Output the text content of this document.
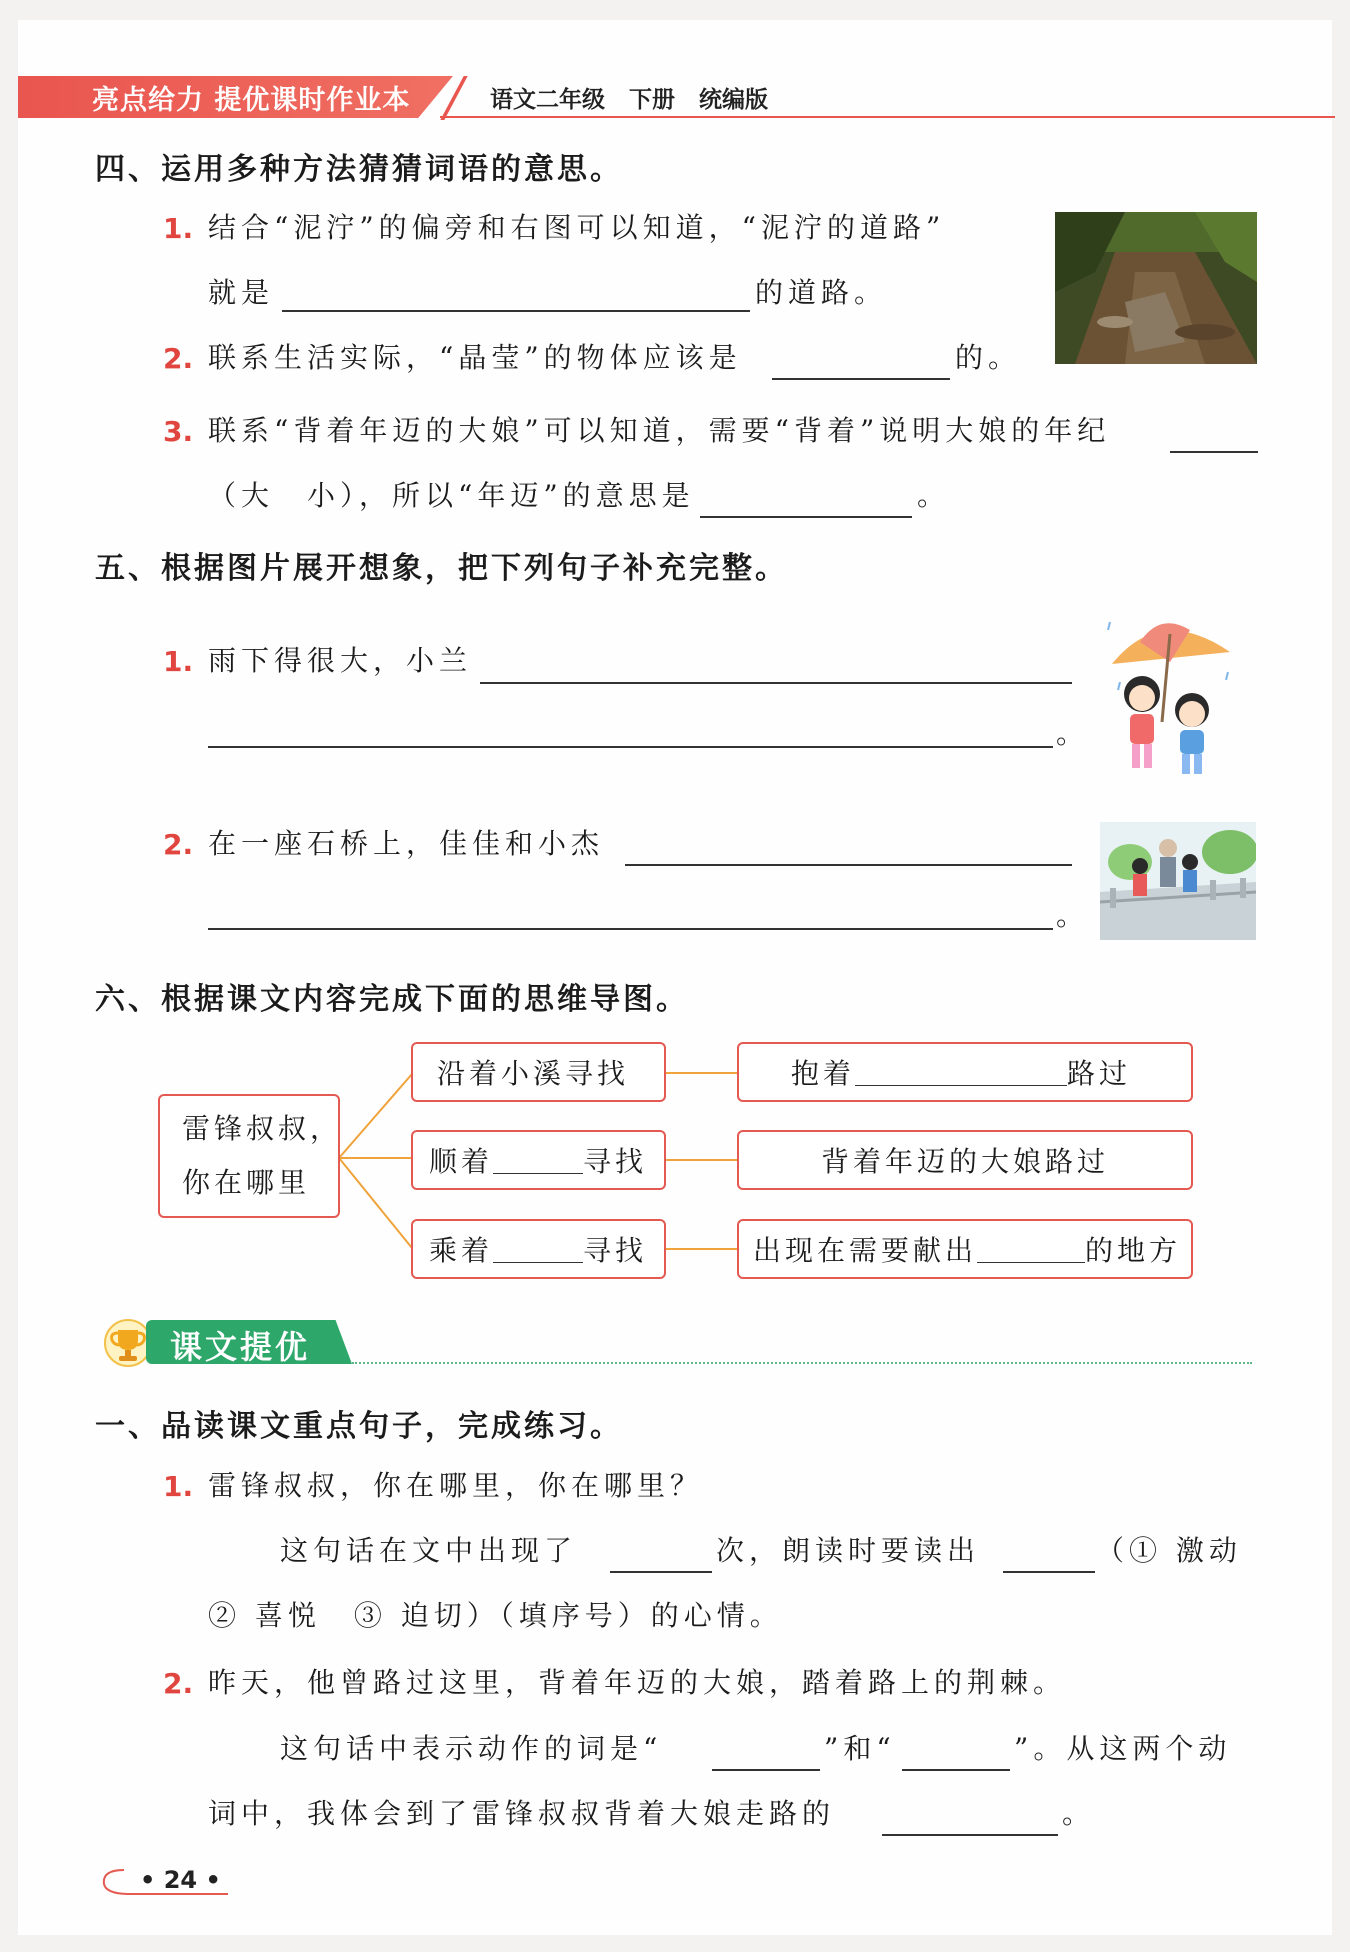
亮点给力 提优课时作业本	语文二年级   下册   统编版
四、运用多种方法猜猜词语的意思。
1. 结合“泥泞”的偏旁和右图可以知道，“泥泞的道路”
就是	的道路。
2. 联系生活实际，“晶莹”的物体应该是	的。
3. 联系“背着年迈的大娘”可以知道，需要“背着”说明大娘的年纪
（大　小），所以“年迈”的意思是	。
五、根据图片展开想象，把下列句子补充完整。
1. 雨下得很大，小兰
。
2. 在一座石桥上，佳佳和小杰
。
六、根据课文内容完成下面的思维导图。
雷锋叔叔，
你在哪里
沿着小溪寻找
顺着	寻找
乘着	寻找
抱着	路过
背着年迈的大娘路过
出现在需要献出	的地方
课文提优
一、品读课文重点句子，完成练习。
1. 雷锋叔叔，你在哪里，你在哪里？
这句话在文中出现了	次，朗读时要读出	（① 激动
② 喜悦　③ 迫切）（填序号）的心情。
2. 昨天，他曾路过这里，背着年迈的大娘，踏着路上的荆棘。
这句话中表示动作的词是“	”和“	”。从这两个动
词中，我体会到了雷锋叔叔背着大娘走路的	。
• 24 •
